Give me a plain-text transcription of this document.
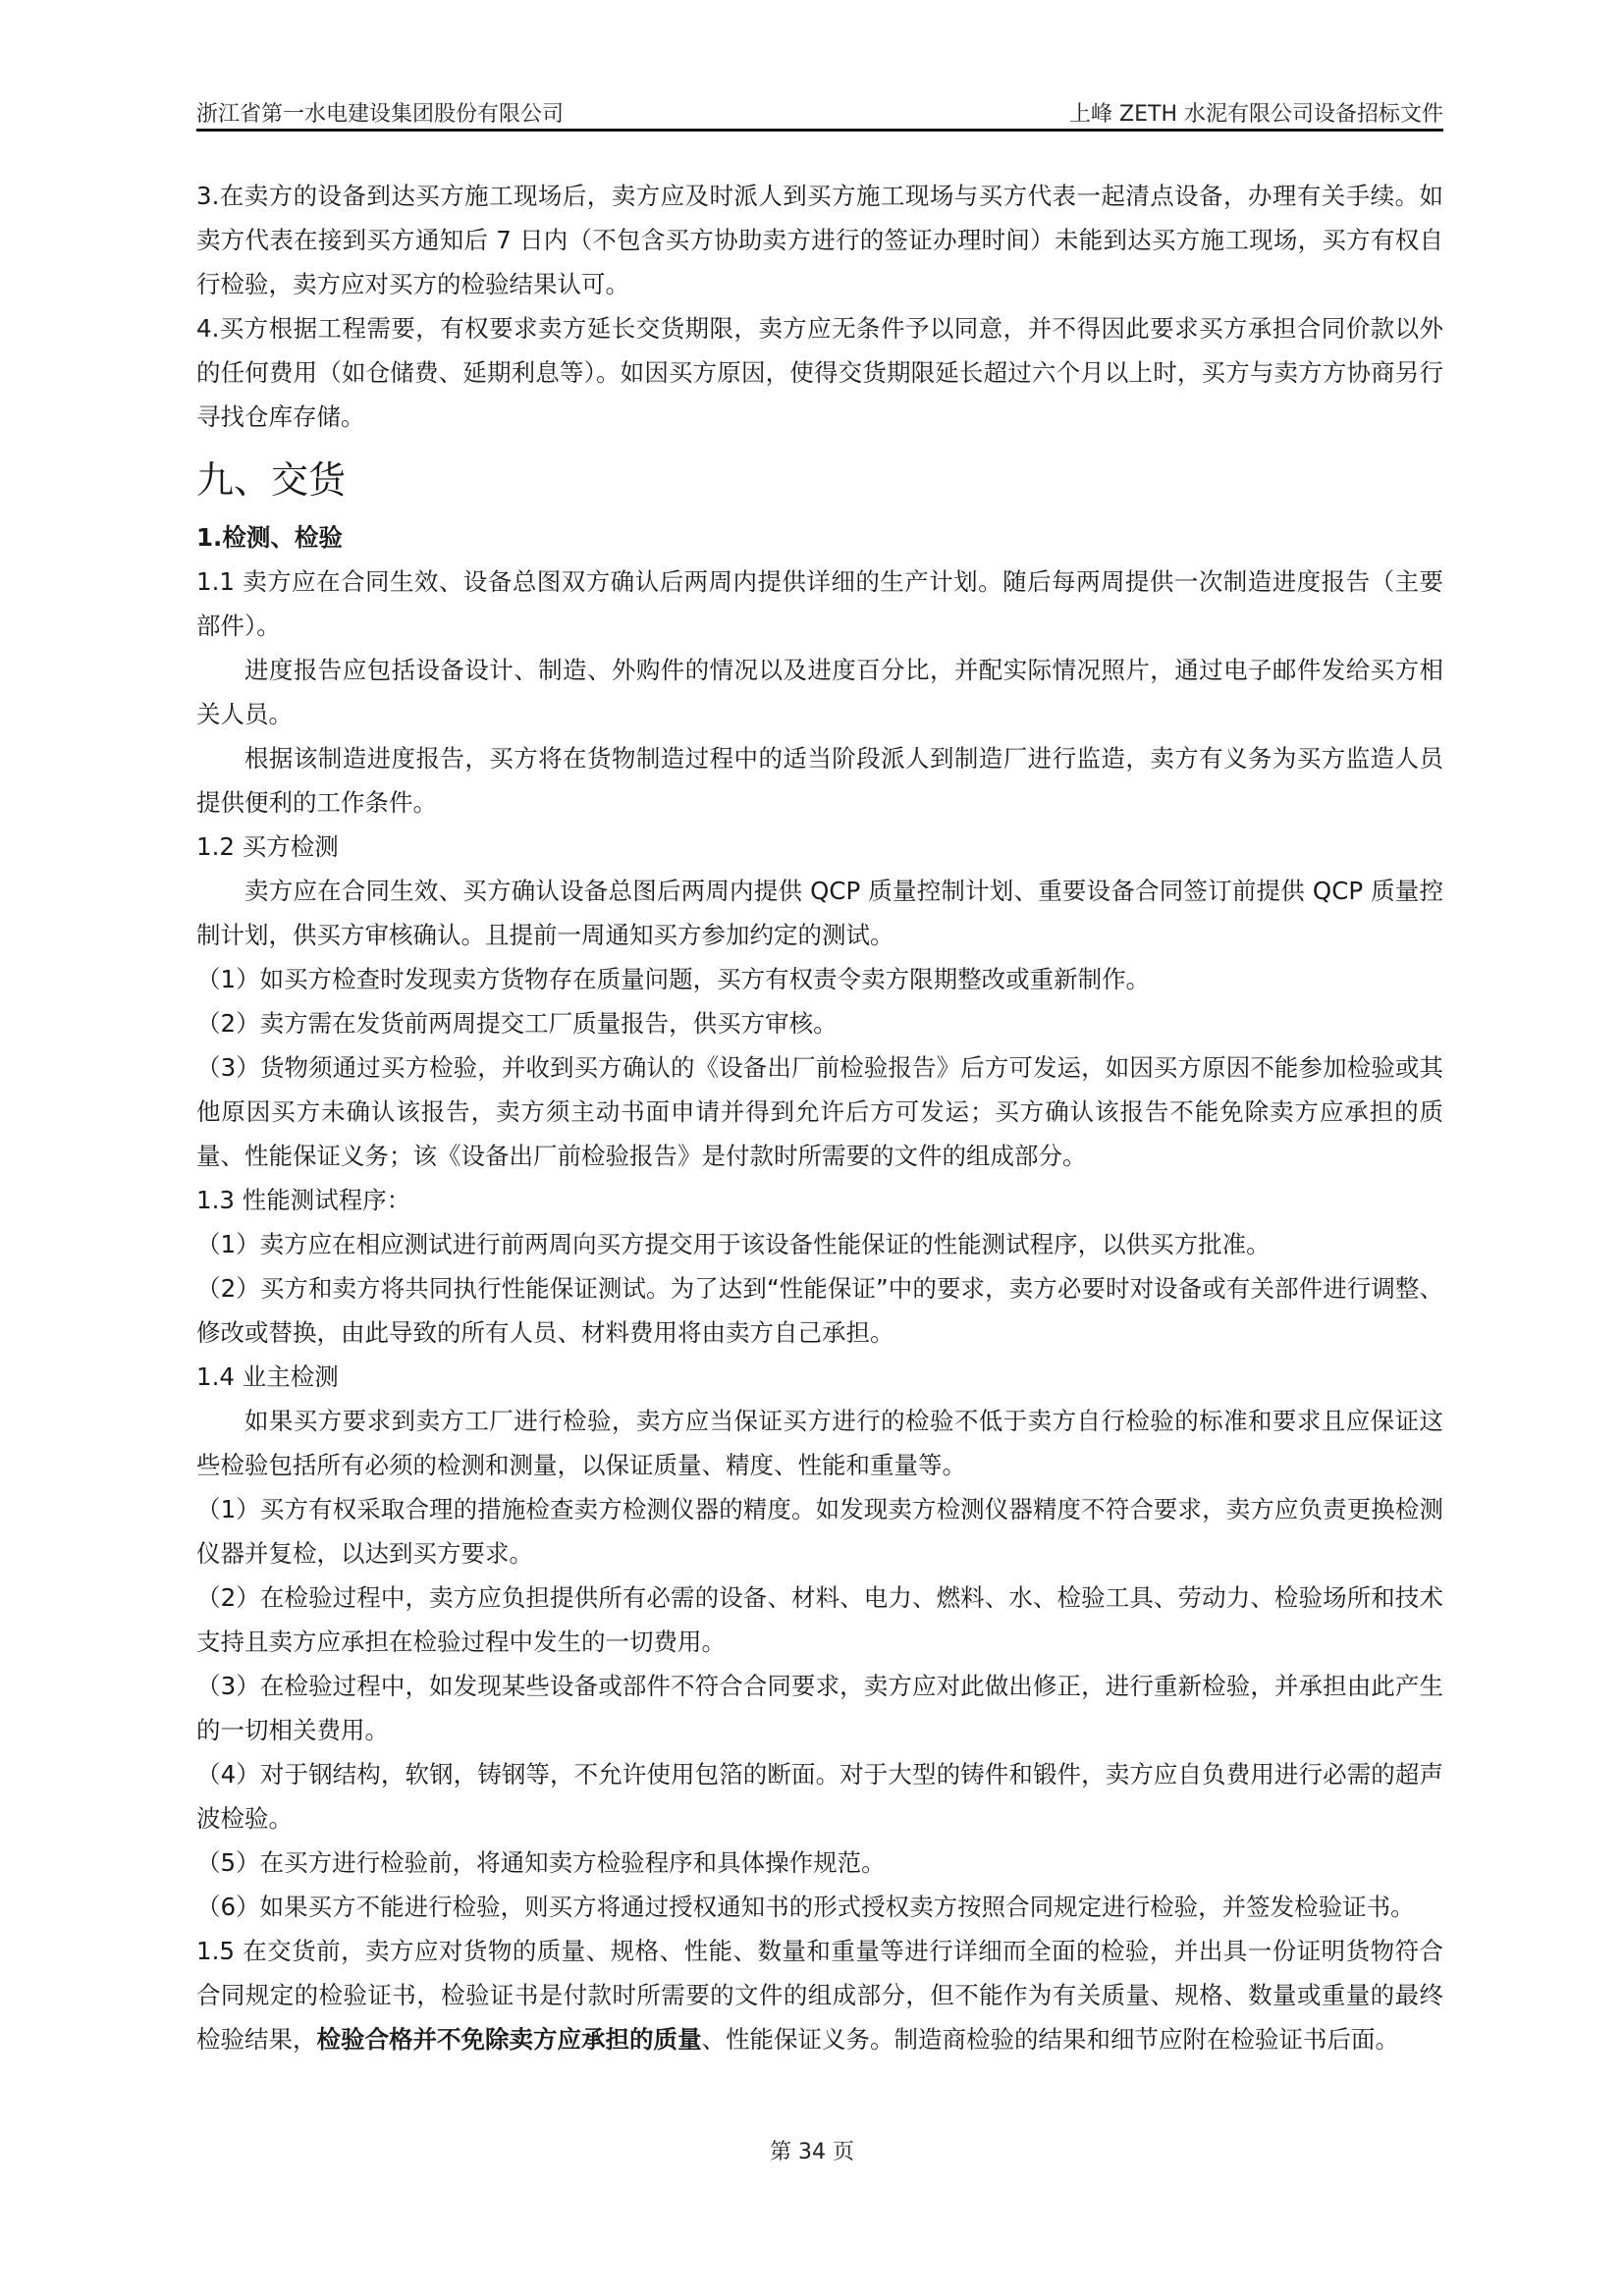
浙江省第一水电建设集团股份有限公司	上峰 ZETH 水泥有限公司设备招标文件

3.在卖方的设备到达买方施工现场后，卖方应及时派人到买方施工现场与买方代表一起清点设备，办理有关手续。如卖方代表在接到买方通知后 7 日内（不包含买方协助卖方进行的签证办理时间）未能到达买方施工现场，买方有权自行检验，卖方应对买方的检验结果认可。

4.买方根据工程需要，有权要求卖方延长交货期限，卖方应无条件予以同意，并不得因此要求买方承担合同价款以外的任何费用（如仓储费、延期利息等）。如因买方原因，使得交货期限延长超过六个月以上时，买方与卖方方协商另行寻找仓库存储。

九、交货

1.检测、检验

1.1 卖方应在合同生效、设备总图双方确认后两周内提供详细的生产计划。随后每两周提供一次制造进度报告（主要部件）。

进度报告应包括设备设计、制造、外购件的情况以及进度百分比，并配实际情况照片，通过电子邮件发给买方相关人员。

根据该制造进度报告，买方将在货物制造过程中的适当阶段派人到制造厂进行监造，卖方有义务为买方监造人员提供便利的工作条件。

1.2 买方检测

卖方应在合同生效、买方确认设备总图后两周内提供 QCP 质量控制计划、重要设备合同签订前提供 QCP 质量控制计划，供买方审核确认。且提前一周通知买方参加约定的测试。

（1）如买方检查时发现卖方货物存在质量问题，买方有权责令卖方限期整改或重新制作。

（2）卖方需在发货前两周提交工厂质量报告，供买方审核。

（3）货物须通过买方检验，并收到买方确认的《设备出厂前检验报告》后方可发运，如因买方原因不能参加检验或其他原因买方未确认该报告，卖方须主动书面申请并得到允许后方可发运；买方确认该报告不能免除卖方应承担的质量、性能保证义务；该《设备出厂前检验报告》是付款时所需要的文件的组成部分。

1.3 性能测试程序：

（1）卖方应在相应测试进行前两周向买方提交用于该设备性能保证的性能测试程序，以供买方批准。

（2）买方和卖方将共同执行性能保证测试。为了达到“性能保证”中的要求，卖方必要时对设备或有关部件进行调整、修改或替换，由此导致的所有人员、材料费用将由卖方自己承担。

1.4 业主检测

如果买方要求到卖方工厂进行检验，卖方应当保证买方进行的检验不低于卖方自行检验的标准和要求且应保证这些检验包括所有必须的检测和测量，以保证质量、精度、性能和重量等。

（1）买方有权采取合理的措施检查卖方检测仪器的精度。如发现卖方检测仪器精度不符合要求，卖方应负责更换检测仪器并复检，以达到买方要求。

（2）在检验过程中，卖方应负担提供所有必需的设备、材料、电力、燃料、水、检验工具、劳动力、检验场所和技术支持且卖方应承担在检验过程中发生的一切费用。

（3）在检验过程中，如发现某些设备或部件不符合合同要求，卖方应对此做出修正，进行重新检验，并承担由此产生的一切相关费用。

（4）对于钢结构，软钢，铸钢等，不允许使用包箔的断面。对于大型的铸件和锻件，卖方应自负费用进行必需的超声波检验。

（5）在买方进行检验前，将通知卖方检验程序和具体操作规范。

（6）如果买方不能进行检验，则买方将通过授权通知书的形式授权卖方按照合同规定进行检验，并签发检验证书。

1.5 在交货前，卖方应对货物的质量、规格、性能、数量和重量等进行详细而全面的检验，并出具一份证明货物符合合同规定的检验证书，检验证书是付款时所需要的文件的组成部分，但不能作为有关质量、规格、数量或重量的最终检验结果，检验合格并不免除卖方应承担的质量、性能保证义务。制造商检验的结果和细节应附在检验证书后面。

第 34 页
